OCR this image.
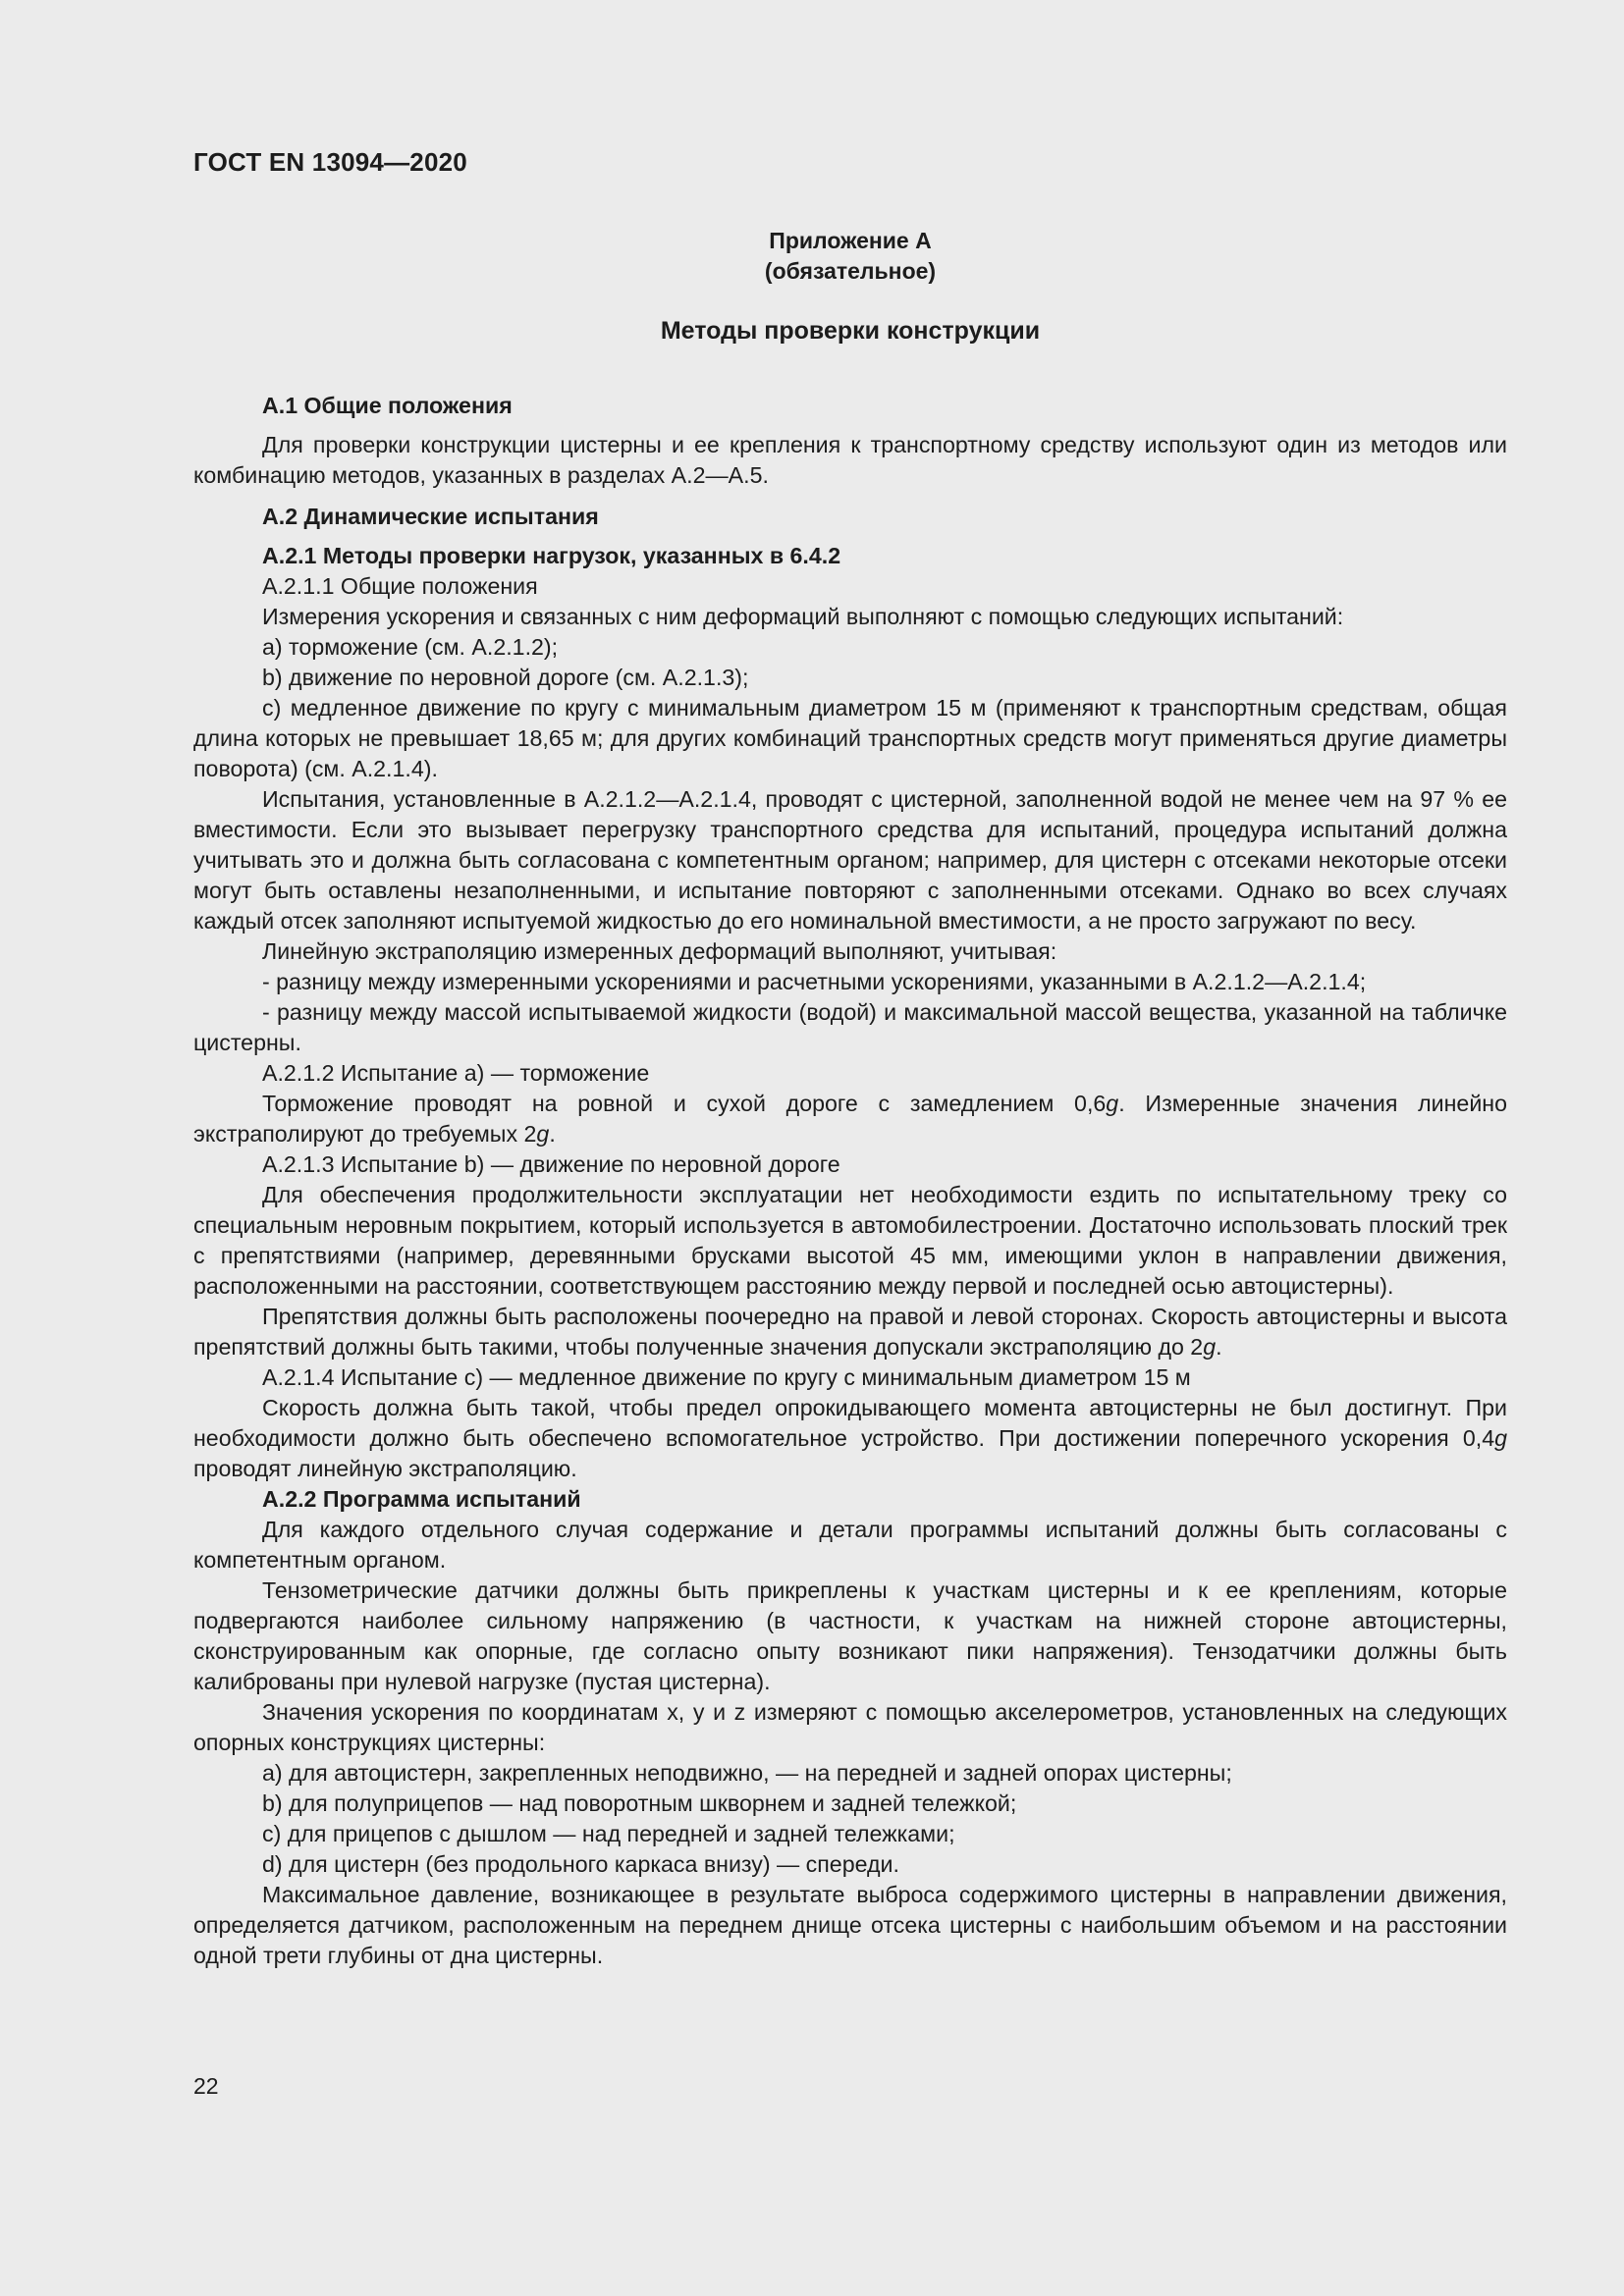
ГОСТ EN 13094—2020
Приложение А
(обязательное)
Методы проверки конструкции

А.1 Общие положения

Для проверки конструкции цистерны и ее крепления к транспортному средству используют один из методов или комбинацию методов, указанных в разделах А.2—А.5.

А.2 Динамические испытания

А.2.1 Методы проверки нагрузок, указанных в 6.4.2

А.2.1.1 Общие положения

Измерения ускорения и связанных с ним деформаций выполняют с помощью следующих испытаний:

a) торможение (см. А.2.1.2);

b) движение по неровной дороге (см. А.2.1.3);

c) медленное движение по кругу с минимальным диаметром 15 м (применяют к транспортным средствам, общая длина которых не превышает 18,65 м; для других комбинаций транспортных средств могут применяться другие диаметры поворота) (см. А.2.1.4).

Испытания, установленные в А.2.1.2—А.2.1.4, проводят с цистерной, заполненной водой не менее чем на 97 % ее вместимости. Если это вызывает перегрузку транспортного средства для испытаний, процедура испытаний должна учитывать это и должна быть согласована с компетентным органом; например, для цистерн с отсеками некоторые отсеки могут быть оставлены незаполненными, и испытание повторяют с заполненными отсеками. Однако во всех случаях каждый отсек заполняют испытуемой жидкостью до его номинальной вместимости, а не просто загружают по весу.

Линейную экстраполяцию измеренных деформаций выполняют, учитывая:

- разницу между измеренными ускорениями и расчетными ускорениями, указанными в А.2.1.2—А.2.1.4;

- разницу между массой испытываемой жидкости (водой) и максимальной массой вещества, указанной на табличке цистерны.

А.2.1.2 Испытание a) — торможение

Торможение проводят на ровной и сухой дороге с замедлением 0,6g. Измеренные значения линейно экстраполируют до требуемых 2g.

А.2.1.3 Испытание b) — движение по неровной дороге

Для обеспечения продолжительности эксплуатации нет необходимости ездить по испытательному треку со специальным неровным покрытием, который используется в автомобилестроении. Достаточно использовать плоский трек с препятствиями (например, деревянными брусками высотой 45 мм, имеющими уклон в направлении движения, расположенными на расстоянии, соответствующем расстоянию между первой и последней осью автоцистерны).

Препятствия должны быть расположены поочередно на правой и левой сторонах. Скорость автоцистерны и высота препятствий должны быть такими, чтобы полученные значения допускали экстраполяцию до 2g.

А.2.1.4 Испытание c) — медленное движение по кругу с минимальным диаметром 15 м

Скорость должна быть такой, чтобы предел опрокидывающего момента автоцистерны не был достигнут. При необходимости должно быть обеспечено вспомогательное устройство. При достижении поперечного ускорения 0,4g проводят линейную экстраполяцию.

А.2.2 Программа испытаний

Для каждого отдельного случая содержание и детали программы испытаний должны быть согласованы с компетентным органом.

Тензометрические датчики должны быть прикреплены к участкам цистерны и к ее креплениям, которые подвергаются наиболее сильному напряжению (в частности, к участкам на нижней стороне автоцистерны, сконструированным как опорные, где согласно опыту возникают пики напряжения). Тензодатчики должны быть калиброваны при нулевой нагрузке (пустая цистерна).

Значения ускорения по координатам x, y и z измеряют с помощью акселерометров, установленных на следующих опорных конструкциях цистерны:

a) для автоцистерн, закрепленных неподвижно, — на передней и задней опорах цистерны;

b) для полуприцепов — над поворотным шкворнем и задней тележкой;

c) для прицепов с дышлом — над передней и задней тележками;

d) для цистерн (без продольного каркаса внизу) — спереди.

Максимальное давление, возникающее в результате выброса содержимого цистерны в направлении движения, определяется датчиком, расположенным на переднем днище отсека цистерны с наибольшим объемом и на расстоянии одной трети глубины от дна цистерны.

22
